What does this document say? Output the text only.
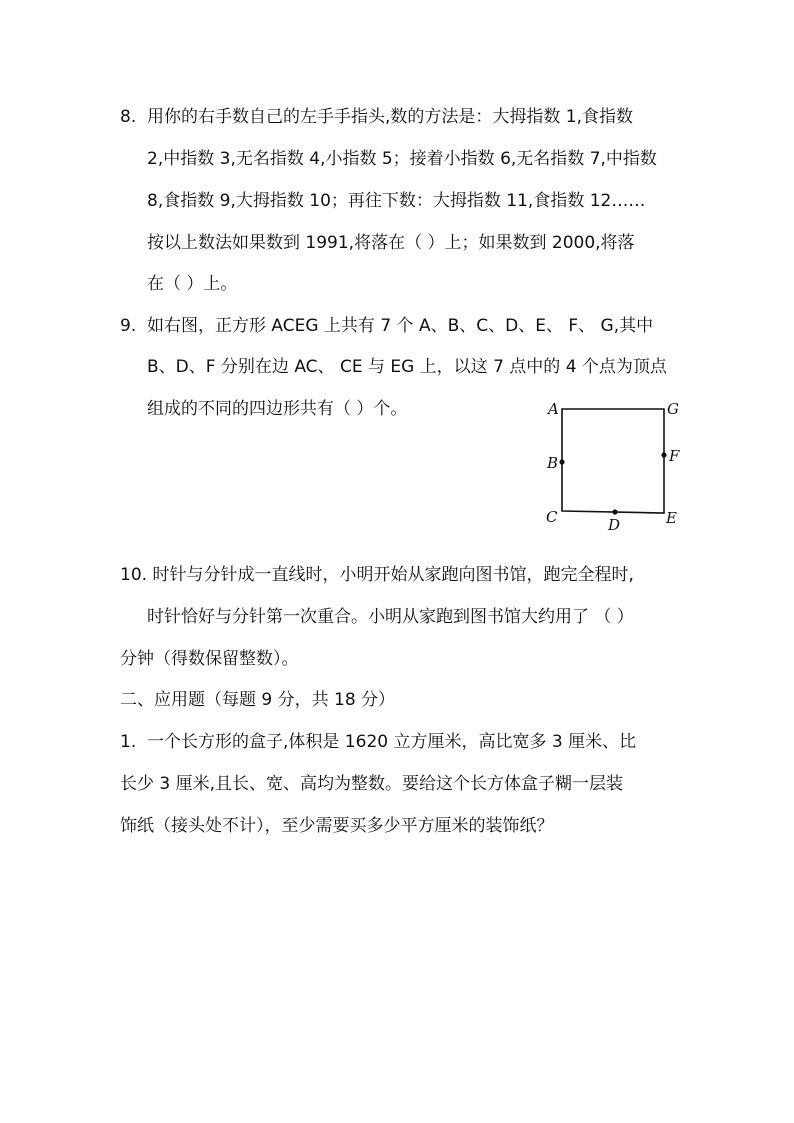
8. 用你的右手数自己的左手手指头,数的方法是：大拇指数 1,食指数
2,中指数 3,无名指数 4,小指数 5；接着小指数 6,无名指数 7,中指数
8,食指数 9,大拇指数 10；再往下数：大拇指数 11,食指数 12……
按以上数法如果数到 1991,将落在（ ）上；如果数到 2000,将落
在（ ）上。
9. 如右图，正方形 ACEG 上共有 7 个 A、B、C、D、E、 F、 G,其中
B、D、F 分别在边 AC、 CE 与 EG 上，以这 7 点中的 4 个点为顶点
组成的不同的四边形共有（ ）个。	A	G
B	F
C	D	E
10. 时针与分针成一直线时，小明开始从家跑向图书馆，跑完全程时,
时针恰好与分针第一次重合。小明从家跑到图书馆大约用了 （ ）
分钟（得数保留整数）。
二、应用题（每题 9 分，共 18 分）
1. 一个长方形的盒子,体积是 1620 立方厘米，高比宽多 3 厘米、比
长少 3 厘米,且长、宽、高均为整数。要给这个长方体盒子糊一层装
饰纸（接头处不计），至少需要买多少平方厘米的装饰纸？
